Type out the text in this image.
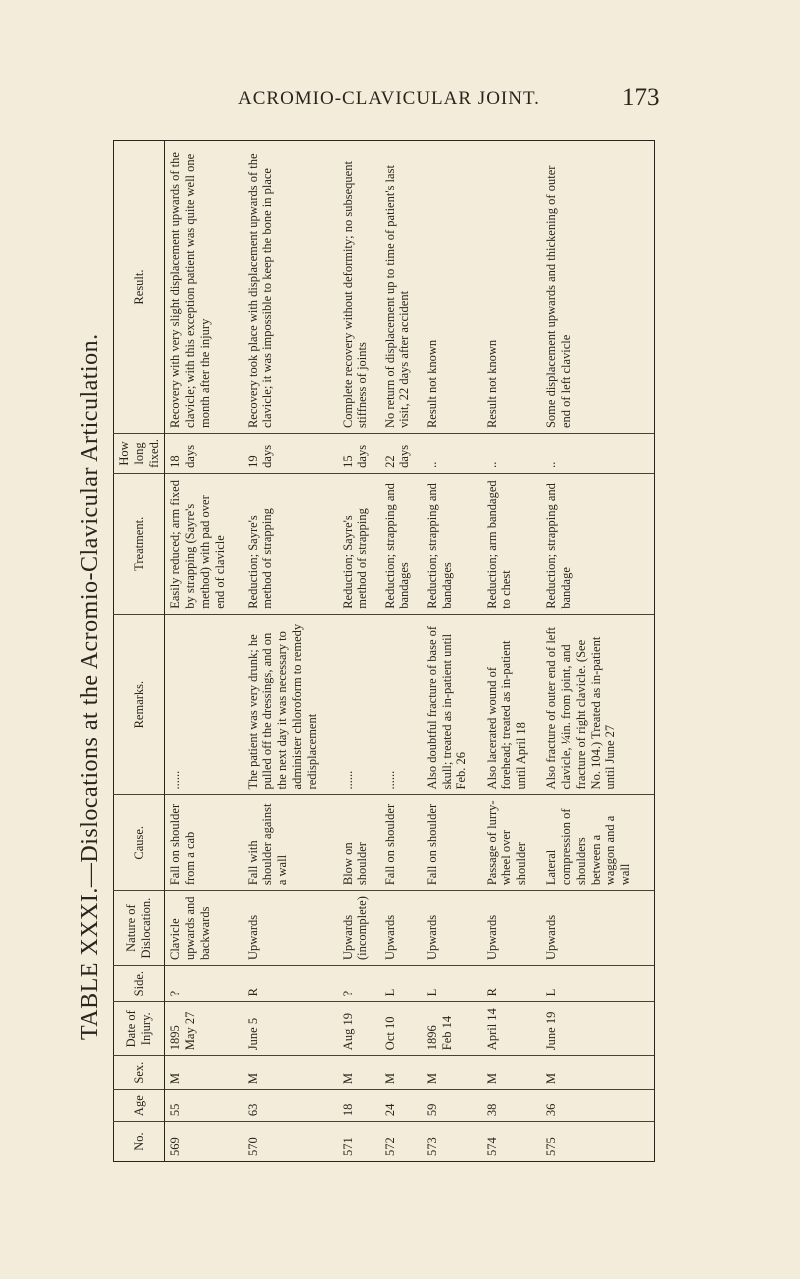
ACROMIO-CLAVICULAR JOINT.	173
TABLE XXXI.—Dislocations at the Acromio-Clavicular Articulation.
No.	Age	Sex.	Date of Injury.	Side.	Nature of Dislocation.	Cause.	Remarks.	Treatment.	How long fixed.	Result.
569	55	M	1895 May 27	?	Clavicle upwards and backwards	Fall on shoulder from a cab	......	Easily reduced; arm fixed by strapping (Sayre's method) with pad over end of clavicle	18 days	Recovery with very slight displacement upwards of the clavicle; with this exception patient was quite well one month after the injury
570	63	M	June 5	R	Upwards	Fall with shoulder against a wall	The patient was very drunk; he pulled off the dressings, and on the next day it was necessary to administer chloroform to remedy redisplacement	Reduction; Sayre's method of strapping	19 days	Recovery took place with displacement upwards of the clavicle; it was impossible to keep the bone in place
571	18	M	Aug 19	?	Upwards (incomplete)	Blow on shoulder	......	Reduction; Sayre's method of strapping	15 days	Complete recovery without deformity; no subsequent stiffness of joints
572	24	M	Oct 10	L	Upwards	Fall on shoulder	......	Reduction; strapping and bandages	22 days	No return of displacement up to time of patient's last visit, 22 days after accident
573	59	M	1896 Feb 14	L	Upwards	Fall on shoulder	Also doubtful fracture of base of skull; treated as in-patient until Feb. 26	Reduction; strapping and bandages	..	Result not known
574	38	M	April 14	R	Upwards	Passage of lurry-wheel over shoulder	Also lacerated wound of forehead; treated as in-patient until April 18	Reduction; arm bandaged to chest	..	Result not known
575	36	M	June 19	L	Upwards	Lateral compression of shoulders between a waggon and a wall	Also fracture of outer end of left clavicle, ¼in. from joint, and fracture of right clavicle. (See No. 104.) Treated as in-patient until June 27	Reduction; strapping and bandage	..	Some displacement upwards and thickening of outer end of left clavicle
